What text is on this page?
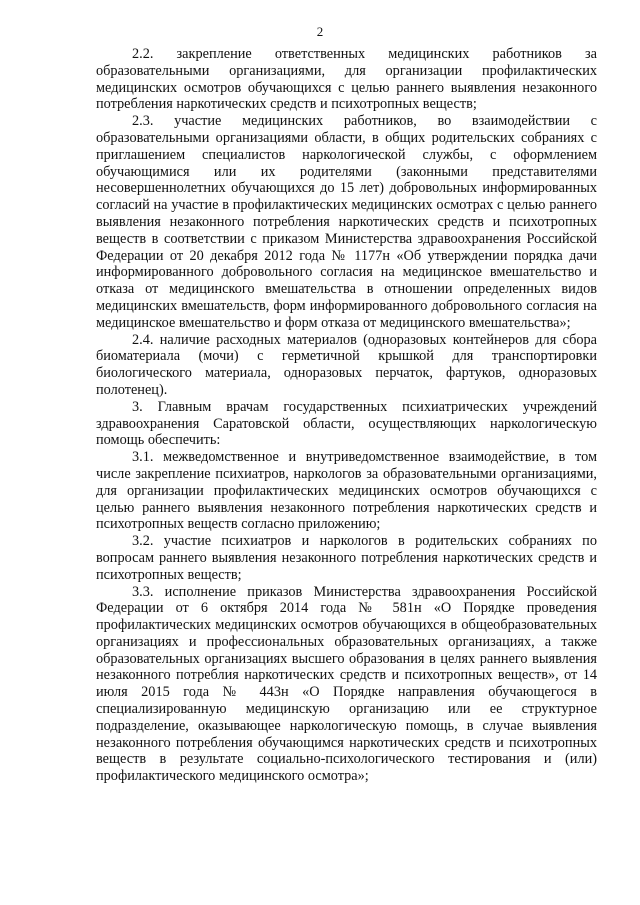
2

2.2. закрепление ответственных медицинских работников за образовательными организациями, для организации профилактических медицинских осмотров обучающихся с целью раннего выявления незаконного потребления наркотических средств и психотропных веществ;

2.3. участие медицинских работников, во взаимодействии с образовательными организациями области, в общих родительских собраниях с приглашением специалистов наркологической службы, с оформлением обучающимися или их родителями (законными представителями несовершеннолетних обучающихся до 15 лет) добровольных информированных согласий на участие в профилактических медицинских осмотрах с целью раннего выявления незаконного потребления наркотических средств и психотропных веществ в соответствии с приказом Министерства здравоохранения Российской Федерации от 20 декабря 2012 года № 1177н «Об утверждении порядка дачи информированного добровольного согласия на медицинское вмешательство и отказа от медицинского вмешательства в отношении определенных видов медицинских вмешательств, форм информированного добровольного согласия на медицинское вмешательство и форм отказа от медицинского вмешательства»;

2.4. наличие расходных материалов (одноразовых контейнеров для сбора биоматериала (мочи) с герметичной крышкой для транспортировки биологического материала, одноразовых перчаток, фартуков, одноразовых полотенец).

3. Главным врачам государственных психиатрических учреждений здравоохранения Саратовской области, осуществляющих наркологическую помощь обеспечить:

3.1. межведомственное и внутриведомственное взаимодействие, в том числе закрепление психиатров, наркологов за образовательными организациями, для организации профилактических медицинских осмотров обучающихся с целью раннего выявления незаконного потребления наркотических средств и психотропных веществ согласно приложению;

3.2. участие психиатров и наркологов в родительских собраниях по вопросам раннего выявления незаконного потребления наркотических средств и психотропных веществ;

3.3. исполнение приказов Министерства здравоохранения Российской Федерации от 6 октября 2014 года № 581н «О Порядке проведения профилактических медицинских осмотров обучающихся в общеобразовательных организациях и профессиональных образовательных организациях, а также образовательных организациях высшего образования в целях раннего выявления незаконного потреблия наркотических средств и психотропных веществ», от 14 июля 2015 года № 443н «О Порядке направления обучающегося в специализированную медицинскую организацию или ее структурное подразделение, оказывающее наркологическую помощь, в случае выявления незаконного потребления обучающимся наркотических средств и психотропных веществ в результате социально-психологического тестирования и (или) профилактического медицинского осмотра»;
